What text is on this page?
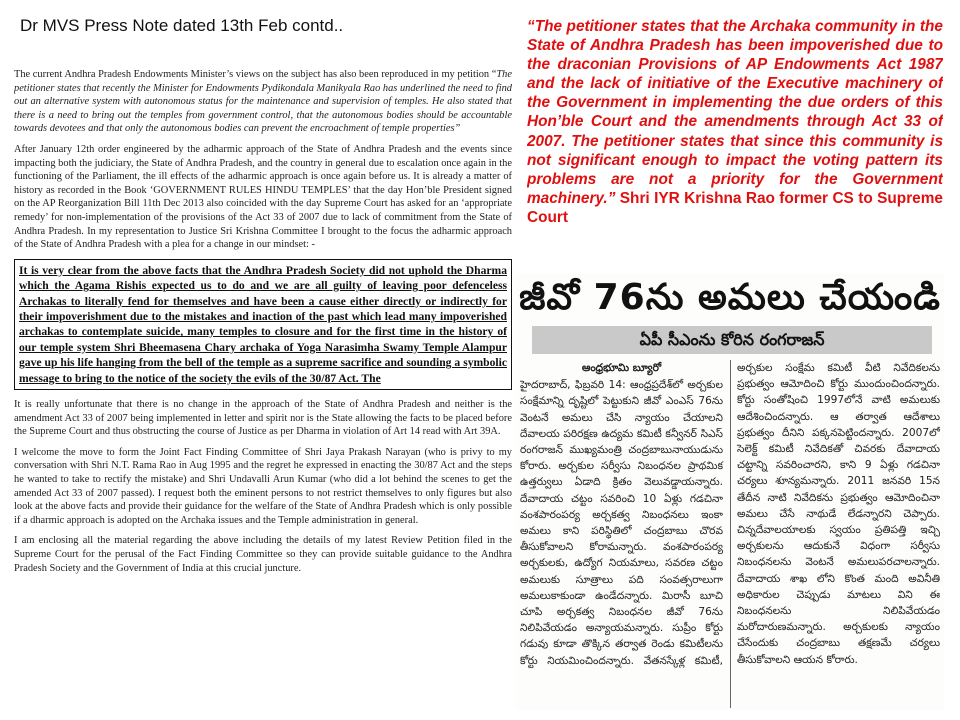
Dr MVS Press Note dated 13th Feb contd..

The current Andhra Pradesh Endowments Minister’s views on the subject has also been reproduced in my petition “The petitioner states that recently the Minister for Endowments Pydikondala Manikyala Rao has underlined the need to find out an alternative system with autonomous status for the maintenance and supervision of temples. He also stated that there is a need to bring out the temples from government control, that the autonomous bodies should be accountable towards devotees and that only the autonomous bodies can prevent the encroachment of temple properties”

After January 12th order engineered by the adharmic approach of the State of Andhra Pradesh and the events since impacting both the judiciary, the State of Andhra Pradesh, and the country in general due to escalation once again in the functioning of the Parliament, the ill effects of the adharmic approach is once again before us. It is already a matter of history as recorded in the Book ‘GOVERNMENT RULES HINDU TEMPLES’ that the day Hon’ble President signed on the AP Reorganization Bill 11th Dec 2013 also coincided with the day Supreme Court has asked for an ‘appropriate remedy’ for non-implementation of the provisions of the Act 33 of 2007 due to lack of commitment from the State of Andhra Pradesh. In my representation to Justice Sri Krishna Committee I brought to the focus the adharmic approach of the State of Andhra Pradesh with a plea for a change in our mindset: -

It is very clear from the above facts that the Andhra Pradesh Society did not uphold the Dharma which the Agama Rishis expected us to do and we are all guilty of leaving poor defenceless Archakas to literally fend for themselves and have been a cause either directly or indirectly for their impoverishment due to the mistakes and inaction of the past which lead many impoverished archakas to contemplate suicide, many temples to closure and for the first time in the history of our temple system Shri Bheemasena Chary archaka of Yoga Narasimha Swamy Temple Alampur gave up his life hanging from the bell of the temple as a supreme sacrifice and sounding a symbolic message to bring to the notice of the society the evils of the 30/87 Act. The

It is really unfortunate that there is no change in the approach of the State of Andhra Pradesh and neither is the amendment Act 33 of 2007 being implemented in letter and spirit nor is the State allowing the facts to be placed before the Supreme Court and thus obstructing the course of Justice as per Dharma in violation of Art 14 read with Art 39A.

I welcome the move to form the Joint Fact Finding Committee of Shri Jaya Prakash Narayan (who is privy to my conversation with Shri N.T. Rama Rao in Aug 1995 and the regret he expressed in enacting the 30/87 Act and the steps he wanted to take to rectify the mistake) and Shri Undavalli Arun Kumar (who did a lot behind the scenes to get the amended Act 33 of 2007 passed). I request both the eminent persons to not restrict themselves to only figures but also look at the above facts and provide their guidance for the welfare of the State of Andhra Pradesh which is only possible if a dharmic approach is adopted on the Archaka issues and the Temple administration in general.

I am enclosing all the material regarding the above including the details of my latest Review Petition filed in the Supreme Court for the perusal of the Fact Finding Committee so they can provide suitable guidance to the Andhra Pradesh Society and the Government of India at this crucial juncture.

“The petitioner states that the Archaka community in the State of Andhra Pradesh has been impoverished due to the draconian Provisions of AP Endowments Act 1987 and the lack of initiative of the Executive machinery of the Government in implementing the due orders of this Hon’ble Court and the amendments through Act 33 of 2007. The petitioner states that since this community is not significant enough to impact the voting pattern its problems are not a priority for the Government machinery.” Shri IYR Krishna Rao former CS to Supreme Court
జీవో 76ను అమలు చేయండి
ఏపీ సీఎంను కోరిన రంగరాజన్
ఆంధ్రభూమి బ్యూరో

హైదరాబాద్, ఫిబ్రవరి 14: ఆంధ్రప్రదేశ్‌లో అర్చకుల సంక్షేమాన్ని దృష్టిలో పెట్టుకుని జీవో ఎంఎస్ 76ను వెంటనే అమలు చేసి న్యాయం చేయాలని దేవాలయ పరిరక్షణ ఉద్యమ కమిటీ కన్వీనర్ సిఎస్ రంగరాజన్ ముఖ్యమంత్రి చంద్రబాబునాయుడును కోరారు. అర్చకుల సర్వీసు నిబంధనల ప్రాథమిక ఉత్తర్వులు ఏడాది క్రితం వెలువడ్డాయన్నారు. దేవాదాయ చట్టం సవరించి 10 ఏళ్లు గడచినా వంశపారంపర్య అర్చకత్వ నిబంధనలు ఇంకా అమలు కాని పరిస్థితిలో చంద్రబాబు చొరవ తీసుకోవాలని కోరామన్నారు. వంశపారంపర్య అర్చకులకు, ఉద్యోగ నియమాలు, సవరణ చట్టం అమలుకు సూత్రాలు పది సంవత్సరాలుగా అమలుకాకుండా ఉండేదన్నారు. మిరాసీ బూచి చూపి అర్చకత్వ నిబంధనల జీవో 76ను నిలిపివేయడం అన్యాయమన్నారు. సుప్రీం కోర్టు గడువు కూడా తొక్కిన తర్వాత రెండు కమిటీలను కోర్టు నియమించిందన్నారు. వేతనస్కేళ్ల కమిటీ, అర్చకుల సంక్షేమ కమిటీ వీటి నివేదికలను ప్రభుత్వం ఆమోదించి కోర్టు ముందుంచిందన్నారు. కోర్టు సంతోషించి 1997లోనే వాటి అమలుకు ఆదేశించిందన్నారు. ఆ తర్వాత ఆదేశాలు ప్రభుత్వం దీనిని పక్కనపెట్టిందన్నారు. 2007లో సెలెక్ట్ కమిటీ నివేదికతో చివరకు దేవాదాయ చట్టాన్ని సవరించారని, కాని 9 ఏళ్లు గడచినా చర్యలు శూన్యమన్నారు. 2011 జనవరి 15న తేదీన నాటి నివేదికను ప్రభుత్వం ఆమోదించినా అమలు చేసే నాథుడే లేడన్నారని చెప్పారు. చిన్నదేవాలయాలకు స్వయం ప్రతిపత్తి ఇచ్చి అర్చకులను ఆదుకునే విధంగా సర్వీసు నిబంధనలను వెంటనే అమలుపరచాలన్నారు. దేవాదాయ శాఖ లోని కొంత మంది అవినీతి అధికారుల చెప్పుడు మాటలు విని ఈ నిబంధనలను నిలిపివేయడం మరోదారుణమన్నారు. అర్చకులకు న్యాయం చేసేందుకు చంద్రబాబు తక్షణమే చర్యలు తీసుకోవాలని ఆయన కోరారు.
